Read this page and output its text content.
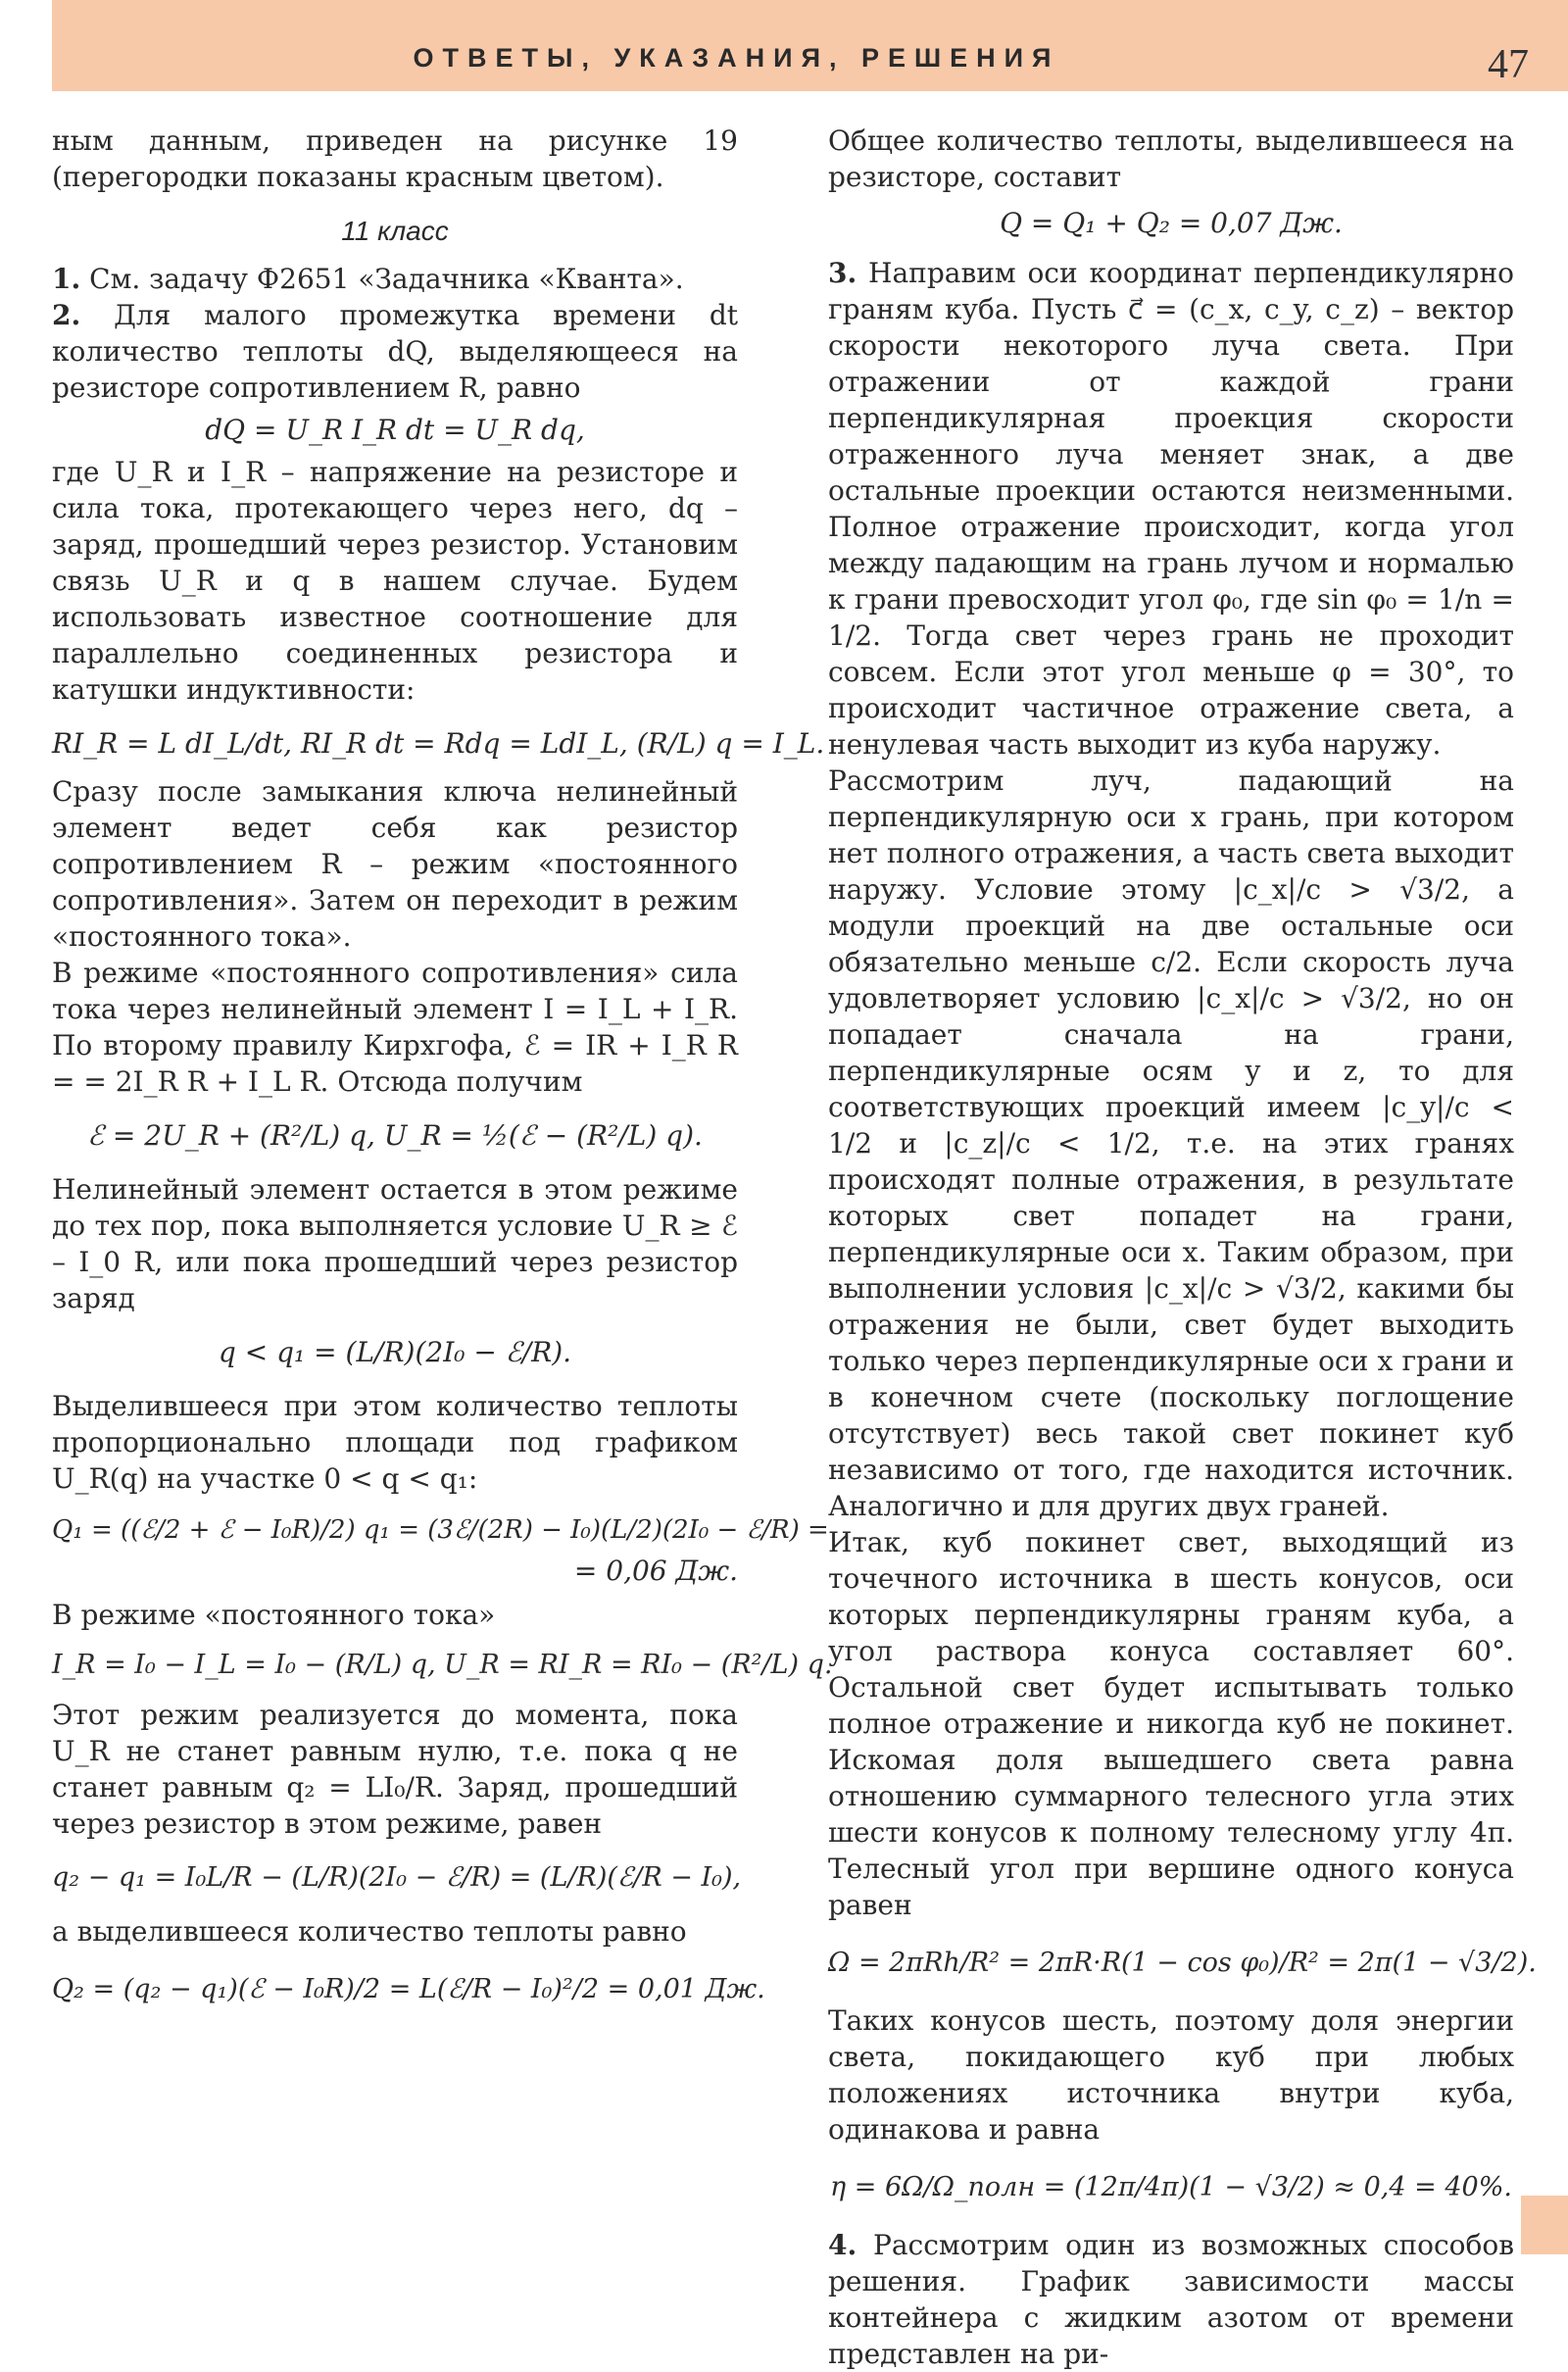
ОТВЕТЫ, УКАЗАНИЯ, РЕШЕНИЯ	47

ным данным, приведен на рисунке 19 (перегородки показаны красным цветом).

11 класс

1. См. задачу Ф2651 «Задачника «Кванта».

2. Для малого промежутка времени dt количество теплоты dQ, выделяющееся на резисторе сопротивлением R, равно

dQ = U_R I_R dt = U_R dq,

где U_R и I_R – напряжение на резисторе и сила тока, протекающего через него, dq – заряд, прошедший через резистор. Установим связь U_R и q в нашем случае. Будем использовать известное соотношение для параллельно соединенных резистора и катушки индуктивности:

RI_R = L dI_L/dt, RI_R dt = Rdq = LdI_L, (R/L) q = I_L.

Сразу после замыкания ключа нелинейный элемент ведет себя как резистор сопротивлением R – режим «постоянного сопротивления». Затем он переходит в режим «постоянного тока».

В режиме «постоянного сопротивления» сила тока через нелинейный элемент I = I_L + I_R. По второму правилу Кирхгофа, ℰ = IR + I_R R = = 2I_R R + I_L R. Отсюда получим

ℰ = 2U_R + (R²/L) q, U_R = ½(ℰ − (R²/L) q).

Нелинейный элемент остается в этом режиме до тех пор, пока выполняется условие U_R ≥ ℰ – I_0 R, или пока прошедший через резистор заряд

q < q₁ = (L/R)(2I₀ − ℰ/R).

Выделившееся при этом количество теплоты пропорционально площади под графиком U_R(q) на участке 0 < q < q₁:

Q₁ = ((ℰ/2 + ℰ − I₀R)/2) q₁ = (3ℰ/(2R) − I₀)(L/2)(2I₀ − ℰ/R) =
= 0,06 Дж.

В режиме «постоянного тока»

I_R = I₀ − I_L = I₀ − (R/L) q, U_R = RI_R = RI₀ − (R²/L) q.

Этот режим реализуется до момента, пока U_R не станет равным нулю, т.е. пока q не станет равным q₂ = LI₀/R. Заряд, прошедший через резистор в этом режиме, равен

q₂ − q₁ = I₀L/R − (L/R)(2I₀ − ℰ/R) = (L/R)(ℰ/R − I₀),

а выделившееся количество теплоты равно

Q₂ = (q₂ − q₁)(ℰ − I₀R)/2 = L(ℰ/R − I₀)²/2 = 0,01 Дж.

Общее количество теплоты, выделившееся на резисторе, составит

Q = Q₁ + Q₂ = 0,07 Дж.

3. Направим оси координат перпендикулярно граням куба. Пусть c⃗ = (c_x, c_y, c_z) – вектор скорости некоторого луча света. При отражении от каждой грани перпендикулярная проекция скорости отраженного луча меняет знак, а две остальные проекции остаются неизменными. Полное отражение происходит, когда угол между падающим на грань лучом и нормалью к грани превосходит угол φ₀, где sin φ₀ = 1/n = 1/2. Тогда свет через грань не проходит совсем. Если этот угол меньше φ = 30°, то происходит частичное отражение света, а ненулевая часть выходит из куба наружу.

Рассмотрим луч, падающий на перпендикулярную оси x грань, при котором нет полного отражения, а часть света выходит наружу. Условие этому |c_x|/c > √3/2, а модули проекций на две остальные оси обязательно меньше c/2. Если скорость луча удовлетворяет условию |c_x|/c > √3/2, но он попадает сначала на грани, перпендикулярные осям y и z, то для соответствующих проекций имеем |c_y|/c < 1/2 и |c_z|/c < 1/2, т.е. на этих гранях происходят полные отражения, в результате которых свет попадет на грани, перпендикулярные оси x. Таким образом, при выполнении условия |c_x|/c > √3/2, какими бы отражения не были, свет будет выходить только через перпендикулярные оси x грани и в конечном счете (поскольку поглощение отсутствует) весь такой свет покинет куб независимо от того, где находится источник. Аналогично и для других двух граней.

Итак, куб покинет свет, выходящий из точечного источника в шесть конусов, оси которых перпендикулярны граням куба, а угол раствора конуса составляет 60°. Остальной свет будет испытывать только полное отражение и никогда куб не покинет. Искомая доля вышедшего света равна отношению суммарного телесного угла этих шести конусов к полному телесному углу 4π. Телесный угол при вершине одного конуса равен

Ω = 2πRh/R² = 2πR·R(1 − cos φ₀)/R² = 2π(1 − √3/2).

Таких конусов шесть, поэтому доля энергии света, покидающего куб при любых положениях источника внутри куба, одинакова и равна

η = 6Ω/Ω_полн = (12π/4π)(1 − √3/2) ≈ 0,4 = 40%.

4. Рассмотрим один из возможных способов решения. График зависимости массы контейнера с жидким азотом от времени представлен на ри-
